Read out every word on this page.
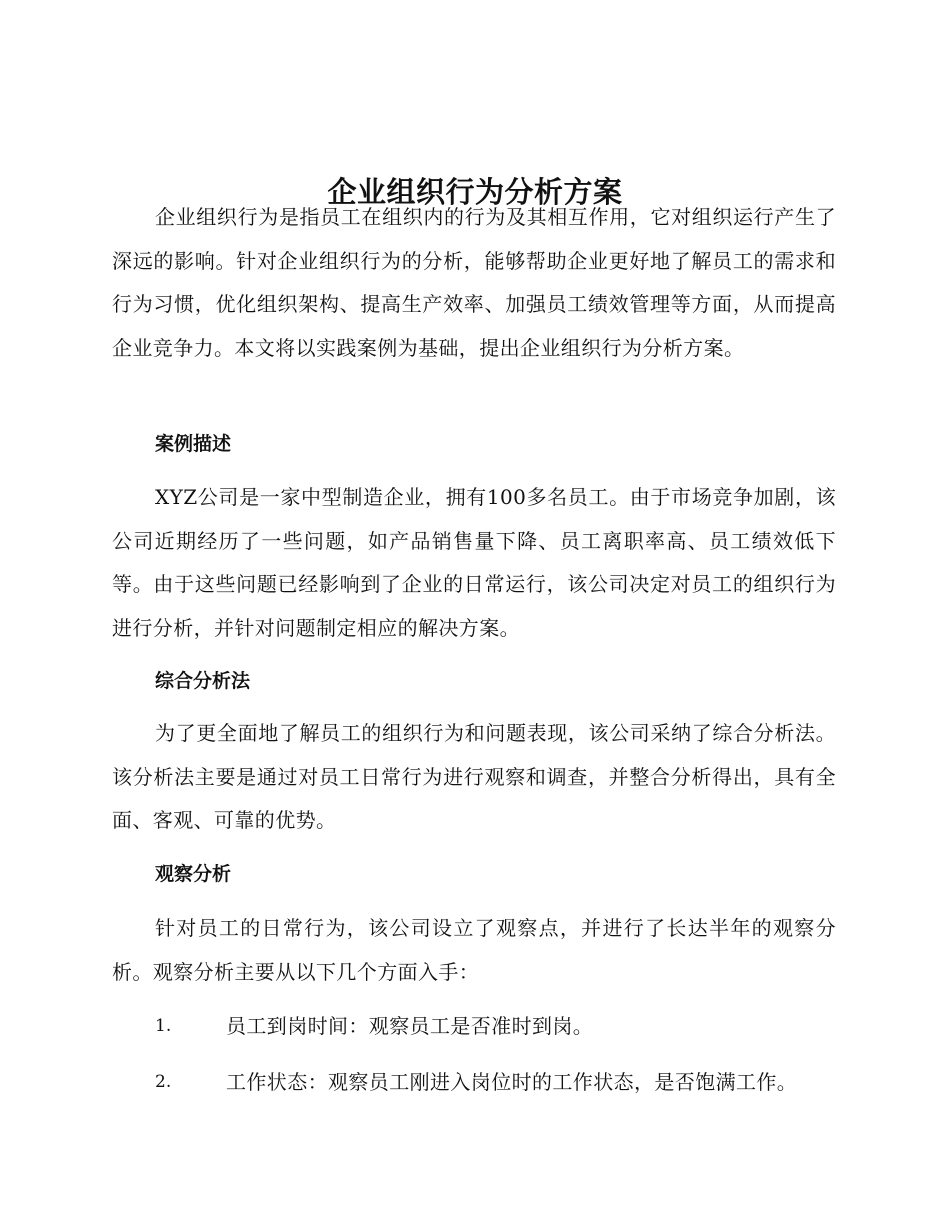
企业组织行为分析方案

企业组织行为是指员工在组织内的行为及其相互作用，它对组织运行产生了深远的影响。针对企业组织行为的分析，能够帮助企业更好地了解员工的需求和行为习惯，优化组织架构、提高生产效率、加强员工绩效管理等方面，从而提高企业竞争力。本文将以实践案例为基础，提出企业组织行为分析方案。

案例描述

XYZ公司是一家中型制造企业，拥有100多名员工。由于市场竞争加剧，该公司近期经历了一些问题，如产品销售量下降、员工离职率高、员工绩效低下等。由于这些问题已经影响到了企业的日常运行，该公司决定对员工的组织行为进行分析，并针对问题制定相应的解决方案。

综合分析法

为了更全面地了解员工的组织行为和问题表现，该公司采纳了综合分析法。该分析法主要是通过对员工日常行为进行观察和调查，并整合分析得出，具有全面、客观、可靠的优势。

观察分析

针对员工的日常行为，该公司设立了观察点，并进行了长达半年的观察分析。观察分析主要从以下几个方面入手：

1.	员工到岗时间：观察员工是否准时到岗。
2.	工作状态：观察员工刚进入岗位时的工作状态，是否饱满工作。
